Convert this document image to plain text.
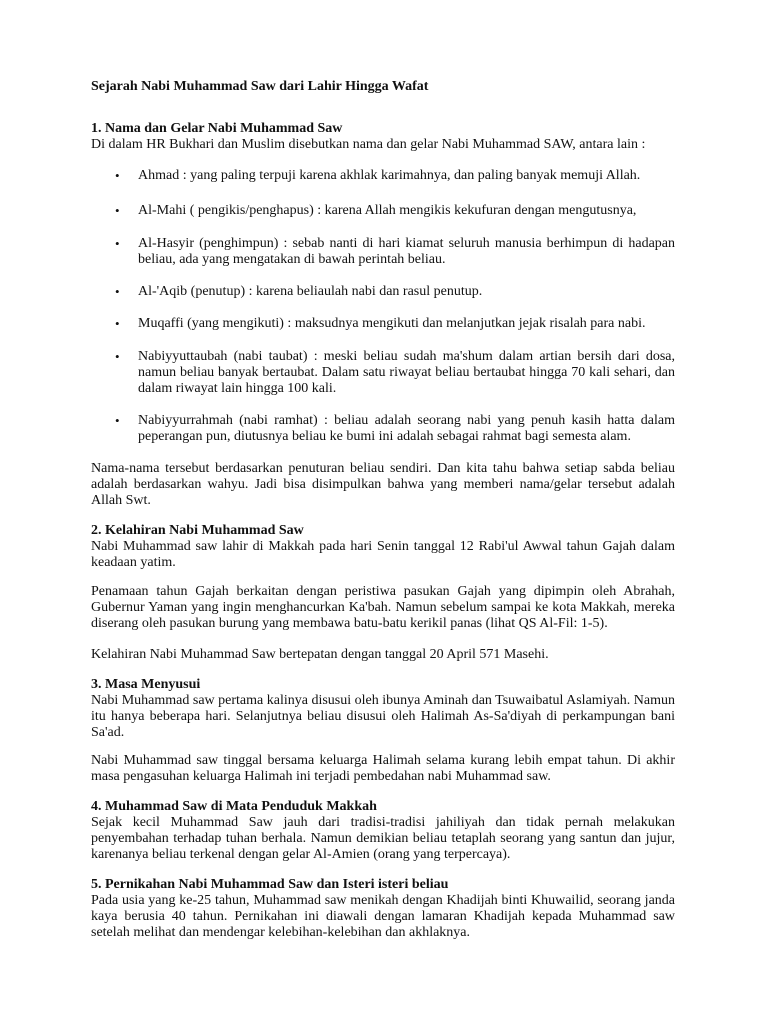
Sejarah Nabi Muhammad Saw dari Lahir Hingga Wafat
1. Nama dan Gelar Nabi Muhammad Saw

Di dalam HR Bukhari dan Muslim disebutkan nama dan gelar Nabi Muhammad SAW, antara lain :

• Ahmad : yang paling terpuji karena akhlak karimahnya, dan paling banyak memuji Allah.
• Al-Mahi ( pengikis/penghapus) : karena Allah mengikis kekufuran dengan mengutusnya,
• Al-Hasyir (penghimpun) : sebab nanti di hari kiamat seluruh manusia berhimpun di hadapan beliau, ada yang mengatakan di bawah perintah beliau.
• Al-'Aqib (penutup) : karena beliaulah nabi dan rasul penutup.
• Muqaffi (yang mengikuti) : maksudnya mengikuti dan melanjutkan jejak risalah para nabi.
• Nabiyyuttaubah (nabi taubat) : meski beliau sudah ma'shum dalam artian bersih dari dosa, namun beliau banyak bertaubat. Dalam satu riwayat beliau bertaubat hingga 70 kali sehari, dan dalam riwayat lain hingga 100 kali.
• Nabiyyurrahmah (nabi ramhat) : beliau adalah seorang nabi yang penuh kasih hatta dalam peperangan pun, diutusnya beliau ke bumi ini adalah sebagai rahmat bagi semesta alam.

Nama-nama tersebut berdasarkan penuturan beliau sendiri. Dan kita tahu bahwa setiap sabda beliau adalah berdasarkan wahyu. Jadi bisa disimpulkan bahwa yang memberi nama/gelar tersebut adalah Allah Swt.

2. Kelahiran Nabi Muhammad Saw

Nabi Muhammad saw lahir di Makkah pada hari Senin tanggal 12 Rabi'ul Awwal tahun Gajah dalam keadaan yatim.

Penamaan tahun Gajah berkaitan dengan peristiwa pasukan Gajah yang dipimpin oleh Abrahah, Gubernur Yaman yang ingin menghancurkan Ka'bah. Namun sebelum sampai ke kota Makkah, mereka diserang oleh pasukan burung yang membawa batu-batu kerikil panas (lihat QS Al-Fil: 1-5).

Kelahiran Nabi Muhammad Saw bertepatan dengan tanggal 20 April 571 Masehi.

3. Masa Menyusui

Nabi Muhammad saw pertama kalinya disusui oleh ibunya Aminah dan Tsuwaibatul Aslamiyah. Namun itu hanya beberapa hari. Selanjutnya beliau disusui oleh Halimah As-Sa'diyah di perkampungan bani Sa'ad.

Nabi Muhammad saw tinggal bersama keluarga Halimah selama kurang lebih empat tahun. Di akhir masa pengasuhan keluarga Halimah ini terjadi pembedahan nabi Muhammad saw.

4. Muhammad Saw di Mata Penduduk Makkah

Sejak kecil Muhammad Saw jauh dari tradisi-tradisi jahiliyah dan tidak pernah melakukan penyembahan terhadap tuhan berhala. Namun demikian beliau tetaplah seorang yang santun dan jujur, karenanya beliau terkenal dengan gelar Al-Amien (orang yang terpercaya).

5. Pernikahan Nabi Muhammad Saw dan Isteri isteri beliau

Pada usia yang ke-25 tahun, Muhammad saw menikah dengan Khadijah binti Khuwailid, seorang janda kaya berusia 40 tahun. Pernikahan ini diawali dengan lamaran Khadijah kepada Muhammad saw setelah melihat dan mendengar kelebihan-kelebihan dan akhlaknya.
